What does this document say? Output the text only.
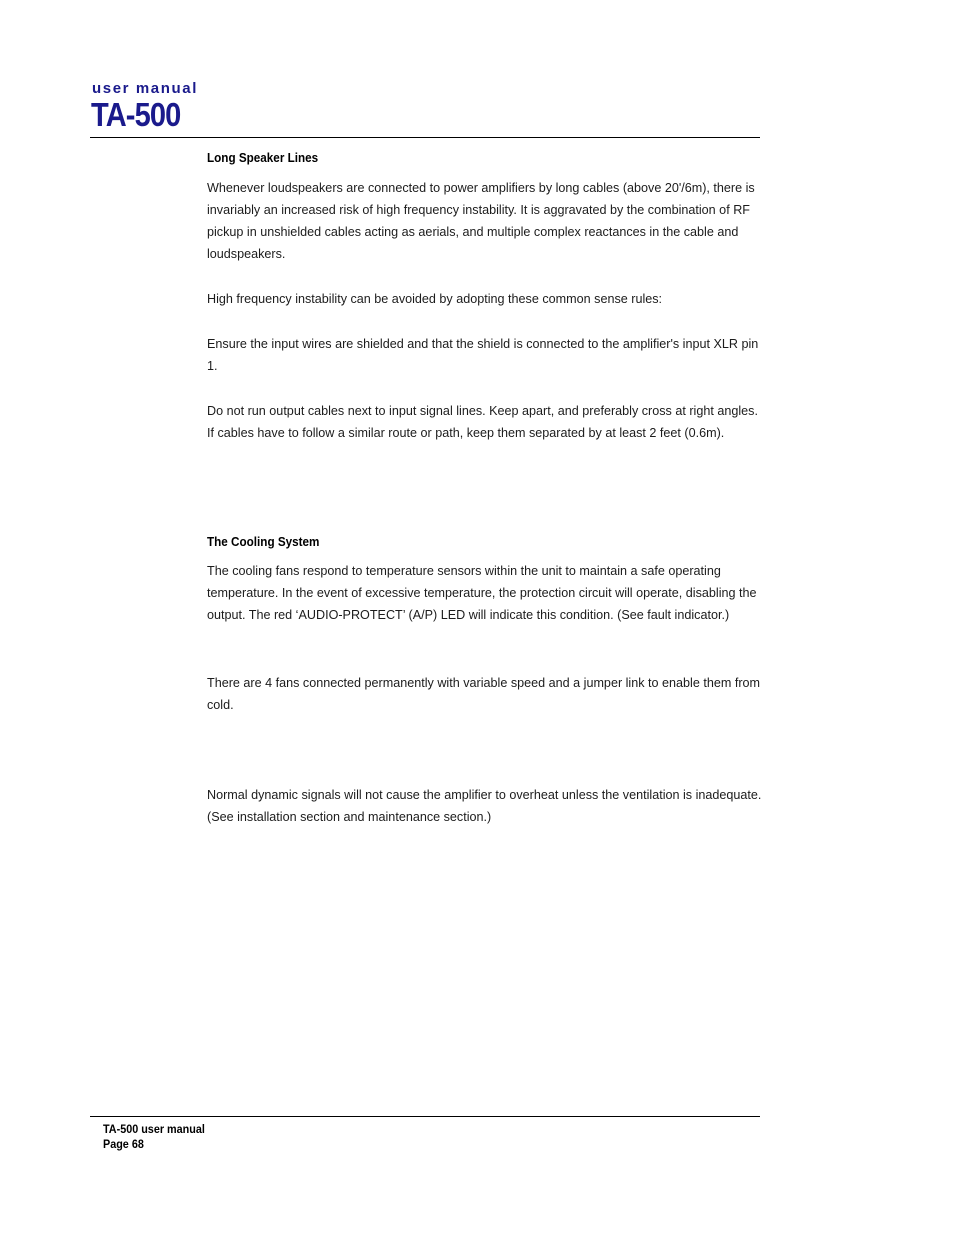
user manual
TA-500
Long Speaker Lines

Whenever loudspeakers are connected to power amplifiers by long cables (above 20'/6m), there is invariably an increased risk of high frequency instability. It is aggravated by the combination of RF pickup in unshielded cables acting as aerials, and multiple complex reactances in the cable and loudspeakers.

High frequency instability can be avoided by adopting these common sense rules:

Ensure the input wires are shielded and that the shield is connected to the amplifier's input XLR pin 1.

Do not run output cables next to input signal lines. Keep apart, and preferably cross at right angles. If cables have to follow a similar route or path, keep them separated by at least 2 feet (0.6m).

The Cooling System

The cooling fans respond to temperature sensors within the unit to maintain a safe operating temperature. In the event of excessive temperature, the protection circuit will operate, disabling the output. The red ‘AUDIO-PROTECT’ (A/P) LED will indicate this condition. (See fault indicator.)

There are 4 fans connected permanently with variable speed and a jumper link to enable them from cold.

Normal dynamic signals will not cause the amplifier to overheat unless the ventilation is inadequate. (See installation section and maintenance section.)

TA-500 user manual
Page 68
